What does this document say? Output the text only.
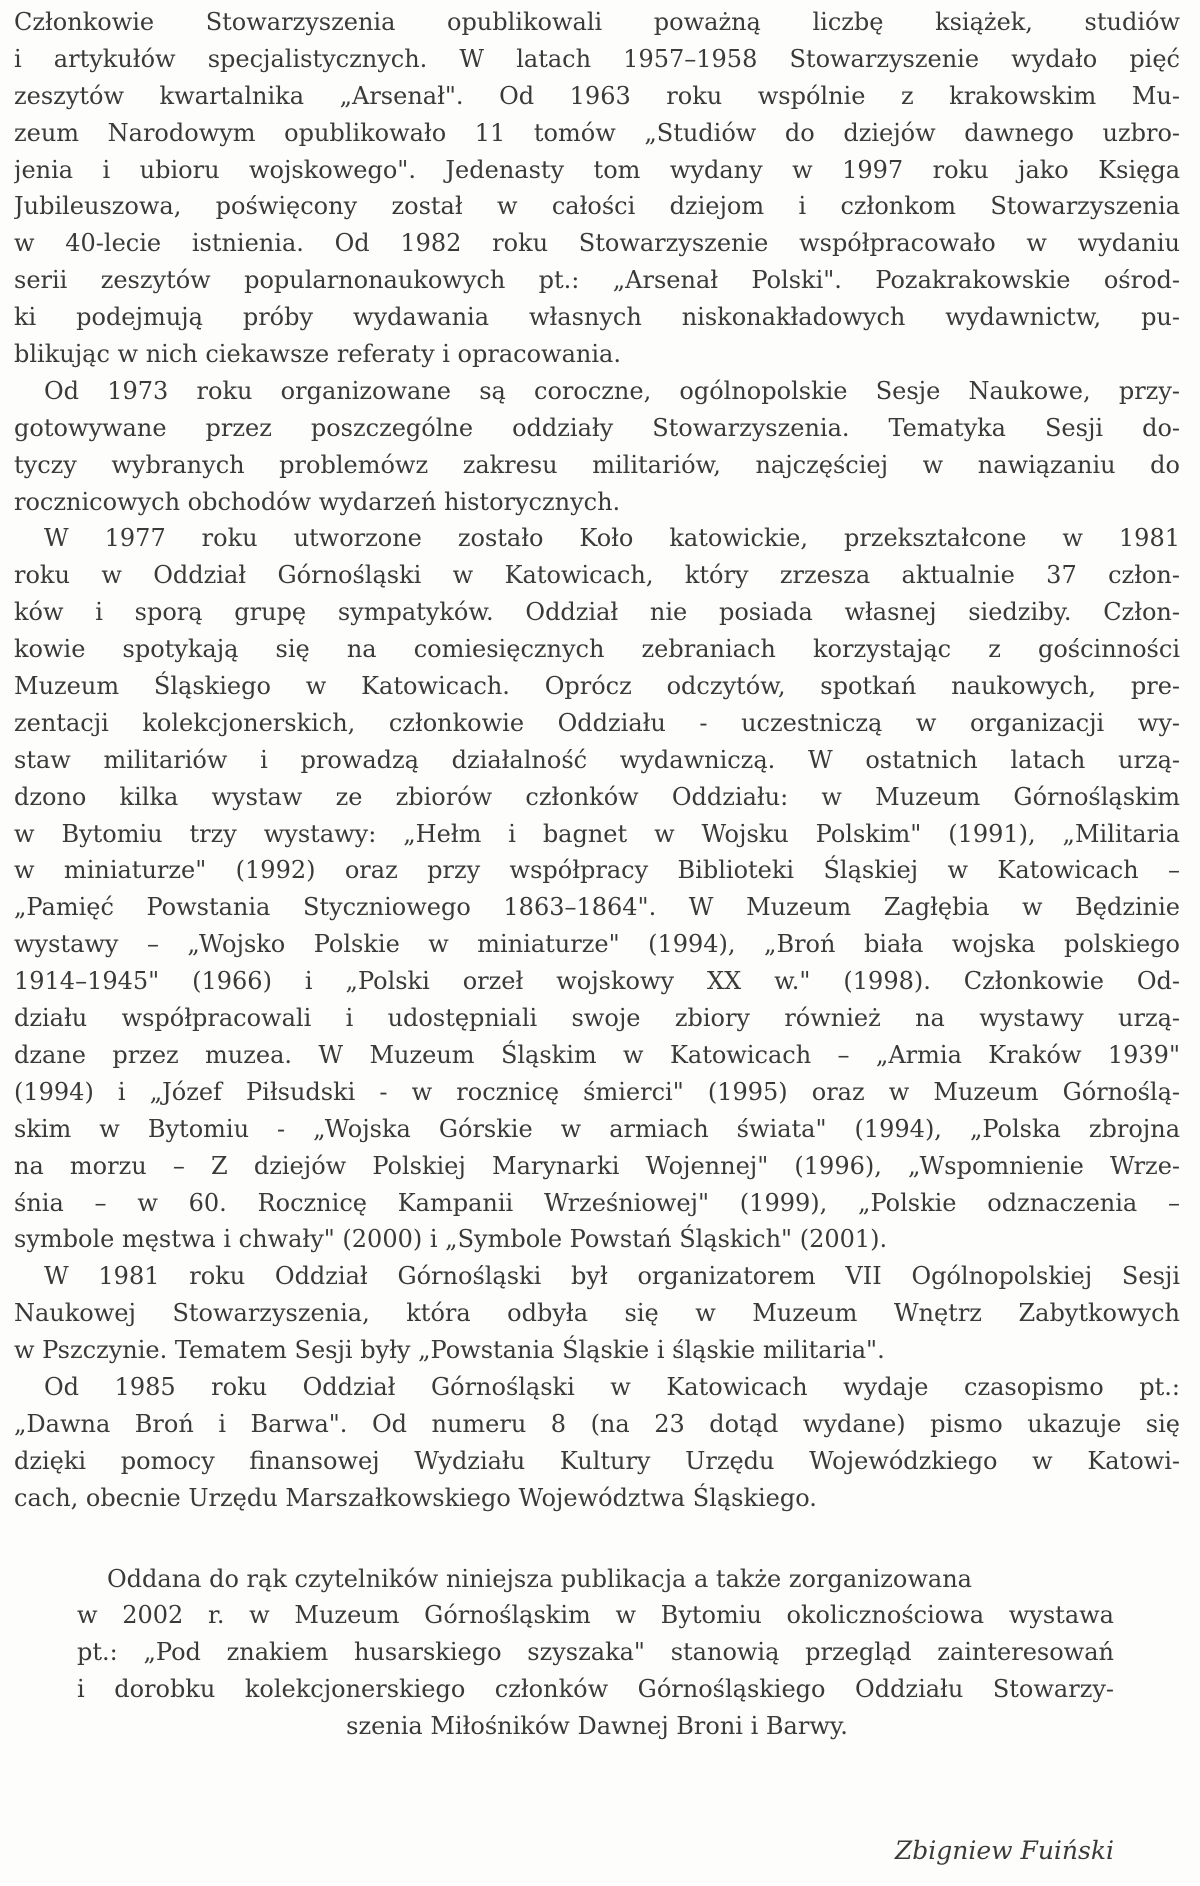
Członkowie Stowarzyszenia opublikowali poważną liczbę książek, studiów
i artykułów specjalistycznych. W latach 1957–1958 Stowarzyszenie wydało pięć
zeszytów kwartalnika „Arsenał". Od 1963 roku wspólnie z krakowskim Mu-
zeum Narodowym opublikowało 11 tomów „Studiów do dziejów dawnego uzbro-
jenia i ubioru wojskowego". Jedenasty tom wydany w 1997 roku jako Księga
Jubileuszowa, poświęcony został w całości dziejom i członkom Stowarzyszenia
w 40-lecie istnienia. Od 1982 roku Stowarzyszenie współpracowało w wydaniu
serii zeszytów popularnonaukowych pt.: „Arsenał Polski". Pozakrakowskie ośrod-
ki podejmują próby wydawania własnych niskonakładowych wydawnictw, pu-
blikując w nich ciekawsze referaty i opracowania.
Od 1973 roku organizowane są coroczne, ogólnopolskie Sesje Naukowe, przy-
gotowywane przez poszczególne oddziały Stowarzyszenia. Tematyka Sesji do-
tyczy wybranych problemówz zakresu militariów, najczęściej w nawiązaniu do
rocznicowych obchodów wydarzeń historycznych.
W 1977 roku utworzone zostało Koło katowickie, przekształcone w 1981
roku w Oddział Górnośląski w Katowicach, który zrzesza aktualnie 37 człon-
ków i sporą grupę sympatyków. Oddział nie posiada własnej siedziby. Człon-
kowie spotykają się na comiesięcznych zebraniach korzystając z gościnności
Muzeum Śląskiego w Katowicach. Oprócz odczytów, spotkań naukowych, pre-
zentacji kolekcjonerskich, członkowie Oddziału - uczestniczą w organizacji wy-
staw militariów i prowadzą działalność wydawniczą. W ostatnich latach urzą-
dzono kilka wystaw ze zbiorów członków Oddziału: w Muzeum Górnośląskim
w Bytomiu trzy wystawy: „Hełm i bagnet w Wojsku Polskim" (1991), „Militaria
w miniaturze" (1992) oraz przy współpracy Biblioteki Śląskiej w Katowicach –
„Pamięć Powstania Styczniowego 1863–1864". W Muzeum Zagłębia w Będzinie
wystawy – „Wojsko Polskie w miniaturze" (1994), „Broń biała wojska polskiego
1914–1945" (1966) i „Polski orzeł wojskowy XX w." (1998). Członkowie Od-
działu współpracowali i udostępniali swoje zbiory również na wystawy urzą-
dzane przez muzea. W Muzeum Śląskim w Katowicach – „Armia Kraków 1939"
(1994) i „Józef Piłsudski - w rocznicę śmierci" (1995) oraz w Muzeum Górnoślą-
skim w Bytomiu - „Wojska Górskie w armiach świata" (1994), „Polska zbrojna
na morzu – Z dziejów Polskiej Marynarki Wojennej" (1996), „Wspomnienie Wrze-
śnia – w 60. Rocznicę Kampanii Wrześniowej" (1999), „Polskie odznaczenia –
symbole męstwa i chwały" (2000) i „Symbole Powstań Śląskich" (2001).
W 1981 roku Oddział Górnośląski był organizatorem VII Ogólnopolskiej Sesji
Naukowej Stowarzyszenia, która odbyła się w Muzeum Wnętrz Zabytkowych
w Pszczynie. Tematem Sesji były „Powstania Śląskie i śląskie militaria".
Od 1985 roku Oddział Górnośląski w Katowicach wydaje czasopismo pt.:
„Dawna Broń i Barwa". Od numeru 8 (na 23 dotąd wydane) pismo ukazuje się
dzięki pomocy finansowej Wydziału Kultury Urzędu Wojewódzkiego w Katowi-
cach, obecnie Urzędu Marszałkowskiego Województwa Śląskiego.
Oddana do rąk czytelników niniejsza publikacja a także zorganizowana
w 2002 r. w Muzeum Górnośląskim w Bytomiu okolicznościowa wystawa
pt.: „Pod znakiem husarskiego szyszaka" stanowią przegląd zainteresowań
i dorobku kolekcjonerskiego członków Górnośląskiego Oddziału Stowarzy-
szenia Miłośników Dawnej Broni i Barwy.
Zbigniew Fuiński
